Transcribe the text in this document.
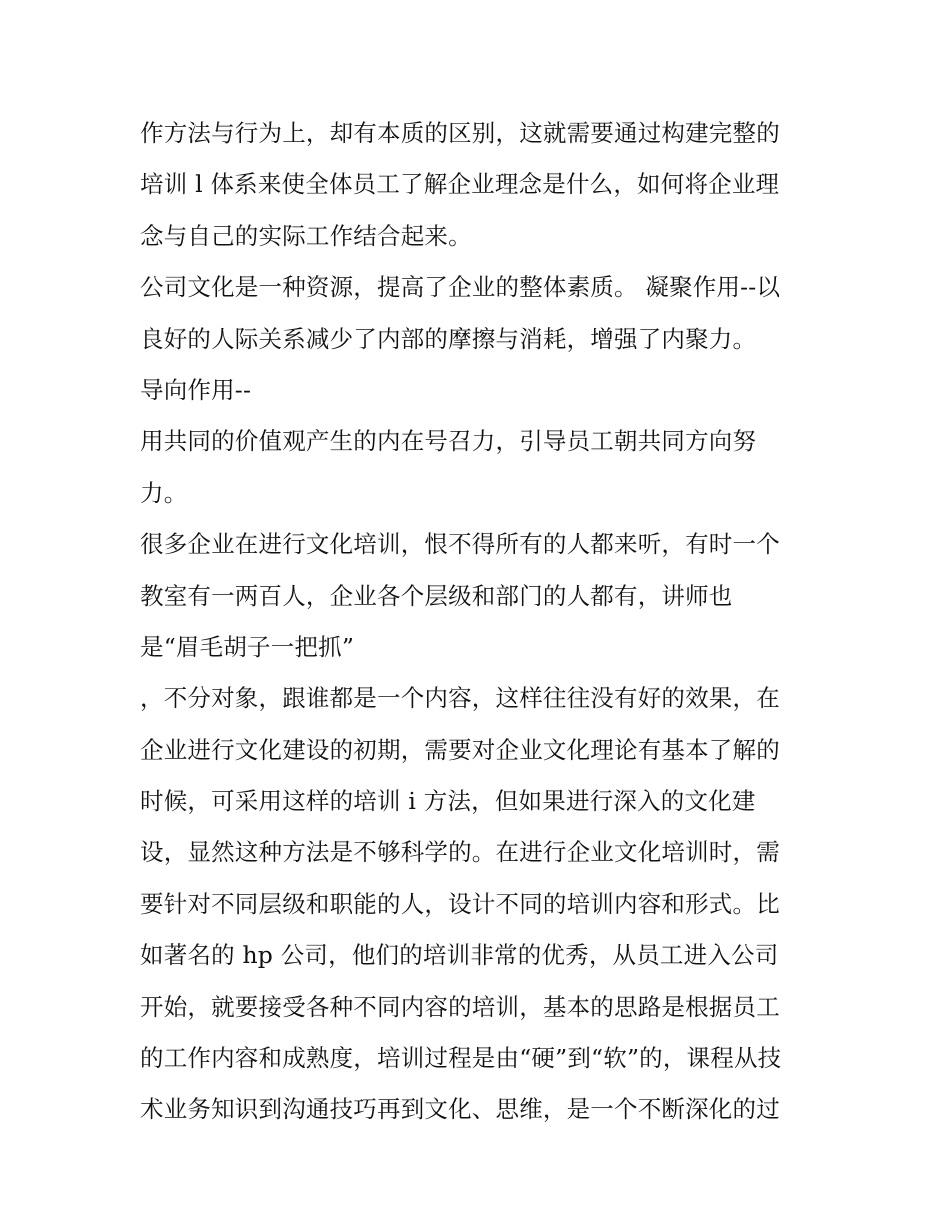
作方法与行为上，却有本质的区别，这就需要通过构建完整的
培训 l 体系来使全体员工了解企业理念是什么，如何将企业理
念与自己的实际工作结合起来。
公司文化是一种资源，提高了企业的整体素质。 凝聚作用--以
良好的人际关系减少了内部的摩擦与消耗，增强了内聚力。
导向作用--
用共同的价值观产生的内在号召力，引导员工朝共同方向努
力。
很多企业在进行文化培训，恨不得所有的人都来听，有时一个
教室有一两百人，企业各个层级和部门的人都有，讲师也
是“眉毛胡子一把抓”
，不分对象，跟谁都是一个内容，这样往往没有好的效果，在
企业进行文化建设的初期，需要对企业文化理论有基本了解的
时候，可采用这样的培训 i 方法，但如果进行深入的文化建
设，显然这种方法是不够科学的。在进行企业文化培训时，需
要针对不同层级和职能的人，设计不同的培训内容和形式。比
如著名的 hp 公司，他们的培训非常的优秀，从员工进入公司
开始，就要接受各种不同内容的培训，基本的思路是根据员工
的工作内容和成熟度，培训过程是由“硬”到“软”的，课程从技
术业务知识到沟通技巧再到文化、思维，是一个不断深化的过
